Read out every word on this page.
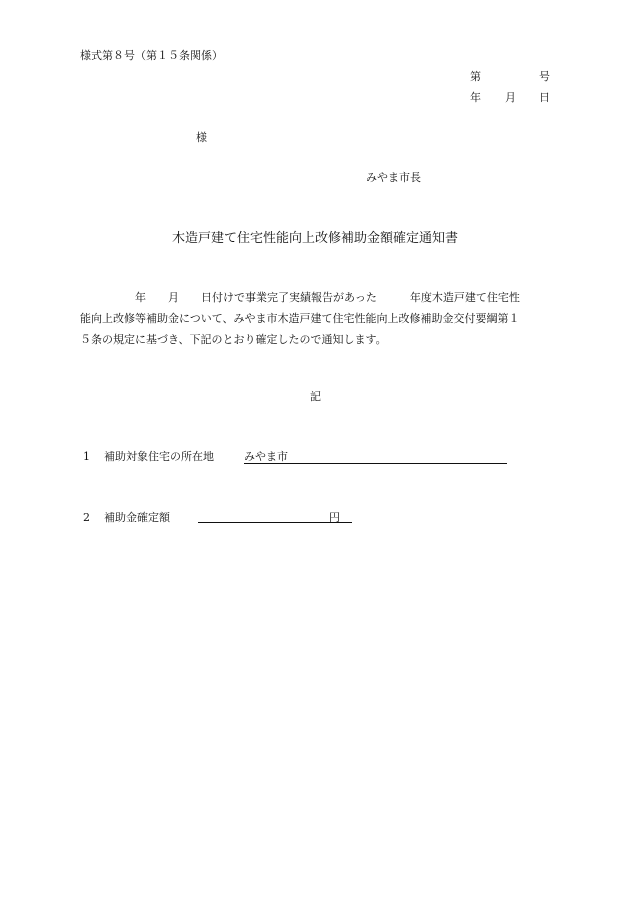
様式第８号（第１５条関係）
第	号
年 月 日
様
みやま市長
木造戸建て住宅性能向上改修補助金額確定通知書
　　　　　年　　月　　日付けで事業完了実績報告があった　　　年度木造戸建て住宅性
能向上改修等補助金について、みやま市木造戸建て住宅性能向上改修補助金交付要綱第１
５条の規定に基づき、下記のとおり確定したので通知します。
記
1 補助対象住宅の所在地	みやま市
2 補助金確定額	円
